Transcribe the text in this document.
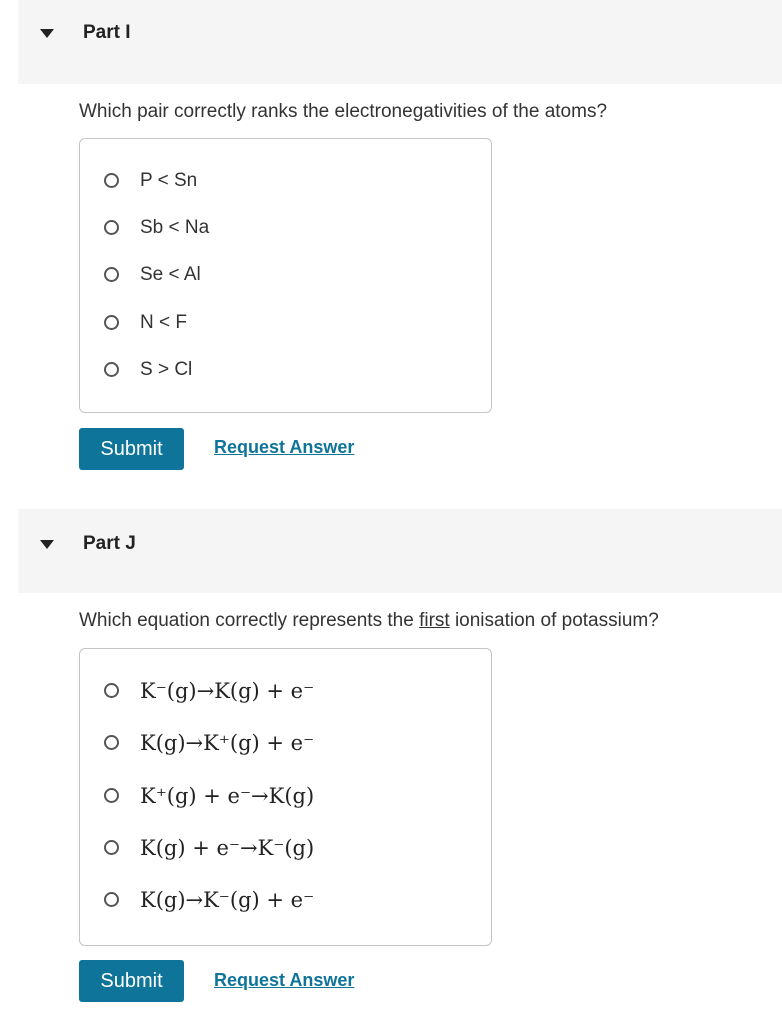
Part I
Which pair correctly ranks the electronegativities of the atoms?
P < Sn
Sb < Na
Se < Al
N < F
S > Cl
Submit	Request Answer
Part J
Which equation correctly represents the first ionisation of potassium?
K⁻(g)→K(g) + e⁻
K(g)→K⁺(g) + e⁻
K⁺(g) + e⁻→K(g)
K(g) + e⁻→K⁻(g)
K(g)→K⁻(g) + e⁻
Submit	Request Answer
